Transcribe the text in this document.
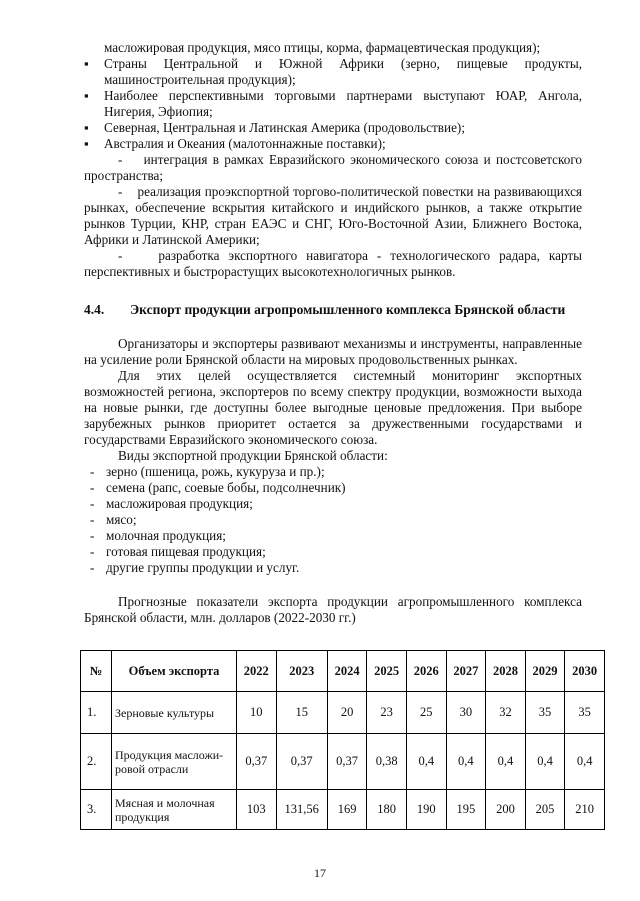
масложировая продукция, мясо птицы, корма, фармацевтическая продукция);

▪ Страны Центральной и Южной Африки (зерно, пищевые продукты, машиностроительная продукция);

▪ Наиболее перспективными торговыми партнерами выступают ЮАР, Ангола, Нигерия, Эфиопия;

▪ Северная, Центральная и Латинская Америка (продовольствие);

▪ Австралия и Океания (малотоннажные поставки);

-    интеграция в рамках Евразийского экономического союза и постсоветского пространства;

-    реализация проэкспортной торгово-политической повестки на развивающихся рынках, обеспечение вскрытия китайского и индийского рынков, а также открытие рынков Турции, КНР, стран ЕАЭС и СНГ, Юго-Восточной Азии, Ближнего Востока, Африки и Латинской Америки;

-    разработка экспортного навигатора - технологического радара, карты перспективных и быстрорастущих высокотехнологичных рынков.

4.4. Экспорт продукции агропромышленного комплекса Брянской области

Организаторы и экспортеры развивают механизмы и инструменты, направленные на усиление роли Брянской области на мировых продовольственных рынках.

Для этих целей осуществляется системный мониторинг экспортных возможностей региона, экспортеров по всему спектру продукции, возможности выхода на новые рынки, где доступны более выгодные ценовые предложения. При выборе зарубежных рынков приоритет остается за дружественными государствами и государствами Евразийского экономического союза.

Виды экспортной продукции Брянской области:

- зерно (пшеница, рожь, кукуруза и пр.);

- семена (рапс, соевые бобы, подсолнечник)

- масложировая продукция;

- мясо;

- молочная продукция;

- готовая пищевая продукция;

- другие группы продукции и услуг.

Прогнозные показатели экспорта продукции агропромышленного комплекса Брянской области, млн. долларов (2022-2030 гг.)

№	Объем экспорта	2022	2023	2024	2025	2026	2027	2028	2029	2030
1.	Зерновые культуры	10	15	20	23	25	30	32	35	35
2.	Продукция масложи-ровой отрасли	0,37	0,37	0,37	0,38	0,4	0,4	0,4	0,4	0,4
3.	Мясная и молочная продукция	103	131,56	169	180	190	195	200	205	210
17
